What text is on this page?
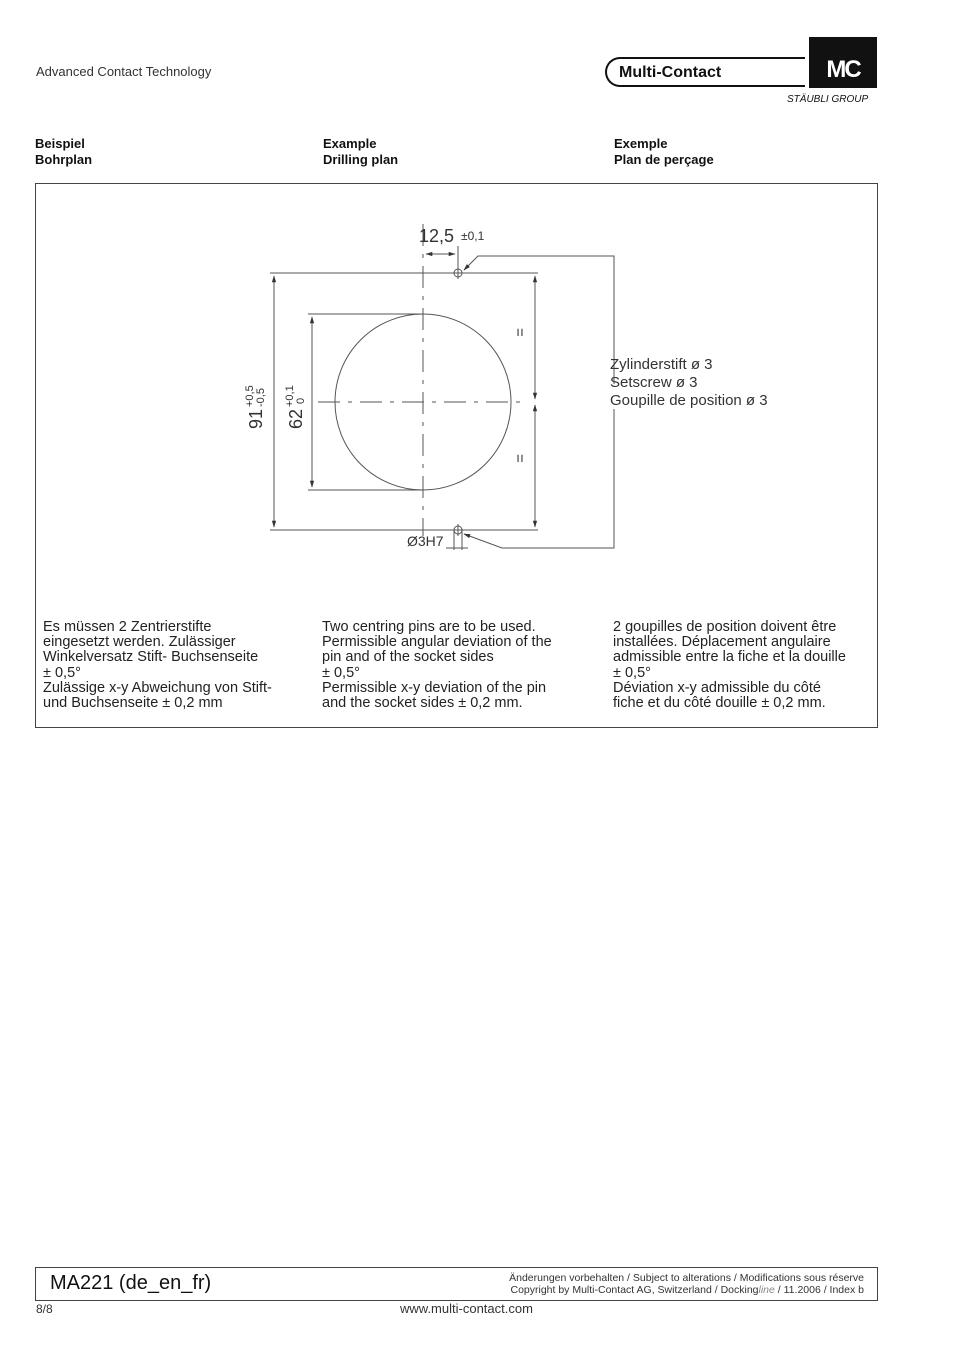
Advanced Contact Technology	Multi-Contact	MC
STÄUBLI GROUP
Beispiel
Bohrplan
Example
Drilling plan
Exemple
Plan de perçage
12,5 ±0,1
=
=
91
+0,5 -0,5
62
+0,1 0
Ø3H7
Zylinderstift ø 3
Setscrew ø 3
Goupille de position ø 3
Es müssen 2 Zentrierstifte
eingesetzt werden. Zulässiger
Winkelversatz Stift- Buchsenseite
± 0,5°
Zulässige x-y Abweichung von Stift-
und Buchsenseite ± 0,2 mm
Two centring pins are to be used.
Permissible angular deviation of the
pin and of the socket sides
± 0,5°
Permissible x-y deviation of the pin
and the socket sides ± 0,2 mm.
2 goupilles de position doivent être
installées. Déplacement angulaire
admissible entre la fiche et la douille
± 0,5°
Déviation x-y admissible du côté
fiche et du côté douille ± 0,2 mm.
MA221 (de_en_fr)	Änderungen vorbehalten / Subject to alterations / Modifications sous réserve
Copyright by Multi-Contact AG, Switzerland / Dockingline / 11.2006 / Index b
8/8	www.multi-contact.com
